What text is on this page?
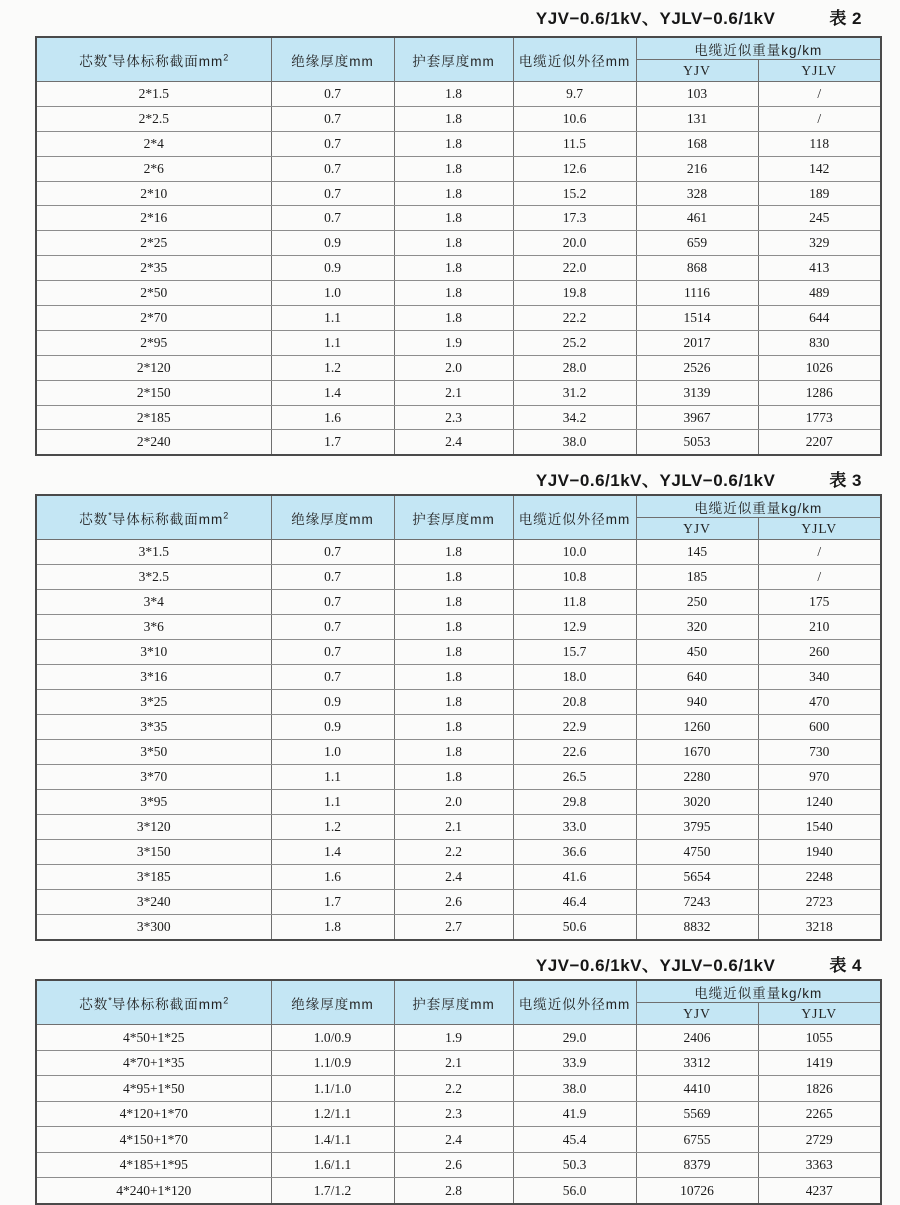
YJV−0.6/1kV、YJLV−0.6/1kV	表 2
芯数*导体标称截面$mm^2$	绝缘厚度mm	护套厚度mm	电缆近似外径mm	电缆近似重量kg/km	
				YJV	YJLV
2*1.5	0.7	1.8	9.7	103	/
2*2.5	0.7	1.8	10.6	131	/
2*4	0.7	1.8	11.5	168	118
2*6	0.7	1.8	12.6	216	142
2*10	0.7	1.8	15.2	328	189
2*16	0.7	1.8	17.3	461	245
2*25	0.9	1.8	20.0	659	329
2*35	0.9	1.8	22.0	868	413
2*50	1.0	1.8	19.8	1116	489
2*70	1.1	1.8	22.2	1514	644
2*95	1.1	1.9	25.2	2017	830
2*120	1.2	2.0	28.0	2526	1026
2*150	1.4	2.1	31.2	3139	1286
2*185	1.6	2.3	34.2	3967	1773
2*240	1.7	2.4	38.0	5053	2207
YJV−0.6/1kV、YJLV−0.6/1kV	表 3
芯数*导体标称截面$mm^2$	绝缘厚度mm	护套厚度mm	电缆近似外径mm	电缆近似重量kg/km	
				YJV	YJLV
3*1.5	0.7	1.8	10.0	145	/
3*2.5	0.7	1.8	10.8	185	/
3*4	0.7	1.8	11.8	250	175
3*6	0.7	1.8	12.9	320	210
3*10	0.7	1.8	15.7	450	260
3*16	0.7	1.8	18.0	640	340
3*25	0.9	1.8	20.8	940	470
3*35	0.9	1.8	22.9	1260	600
3*50	1.0	1.8	22.6	1670	730
3*70	1.1	1.8	26.5	2280	970
3*95	1.1	2.0	29.8	3020	1240
3*120	1.2	2.1	33.0	3795	1540
3*150	1.4	2.2	36.6	4750	1940
3*185	1.6	2.4	41.6	5654	2248
3*240	1.7	2.6	46.4	7243	2723
3*300	1.8	2.7	50.6	8832	3218
YJV−0.6/1kV、YJLV−0.6/1kV	表 4
芯数*导体标称截面$mm^2$	绝缘厚度mm	护套厚度mm	电缆近似外径mm	电缆近似重量kg/km	
				YJV	YJLV
4*50+1*25	1.0/0.9	1.9	29.0	2406	1055
4*70+1*35	1.1/0.9	2.1	33.9	3312	1419
4*95+1*50	1.1/1.0	2.2	38.0	4410	1826
4*120+1*70	1.2/1.1	2.3	41.9	5569	2265
4*150+1*70	1.4/1.1	2.4	45.4	6755	2729
4*185+1*95	1.6/1.1	2.6	50.3	8379	3363
4*240+1*120	1.7/1.2	2.8	56.0	10726	4237
